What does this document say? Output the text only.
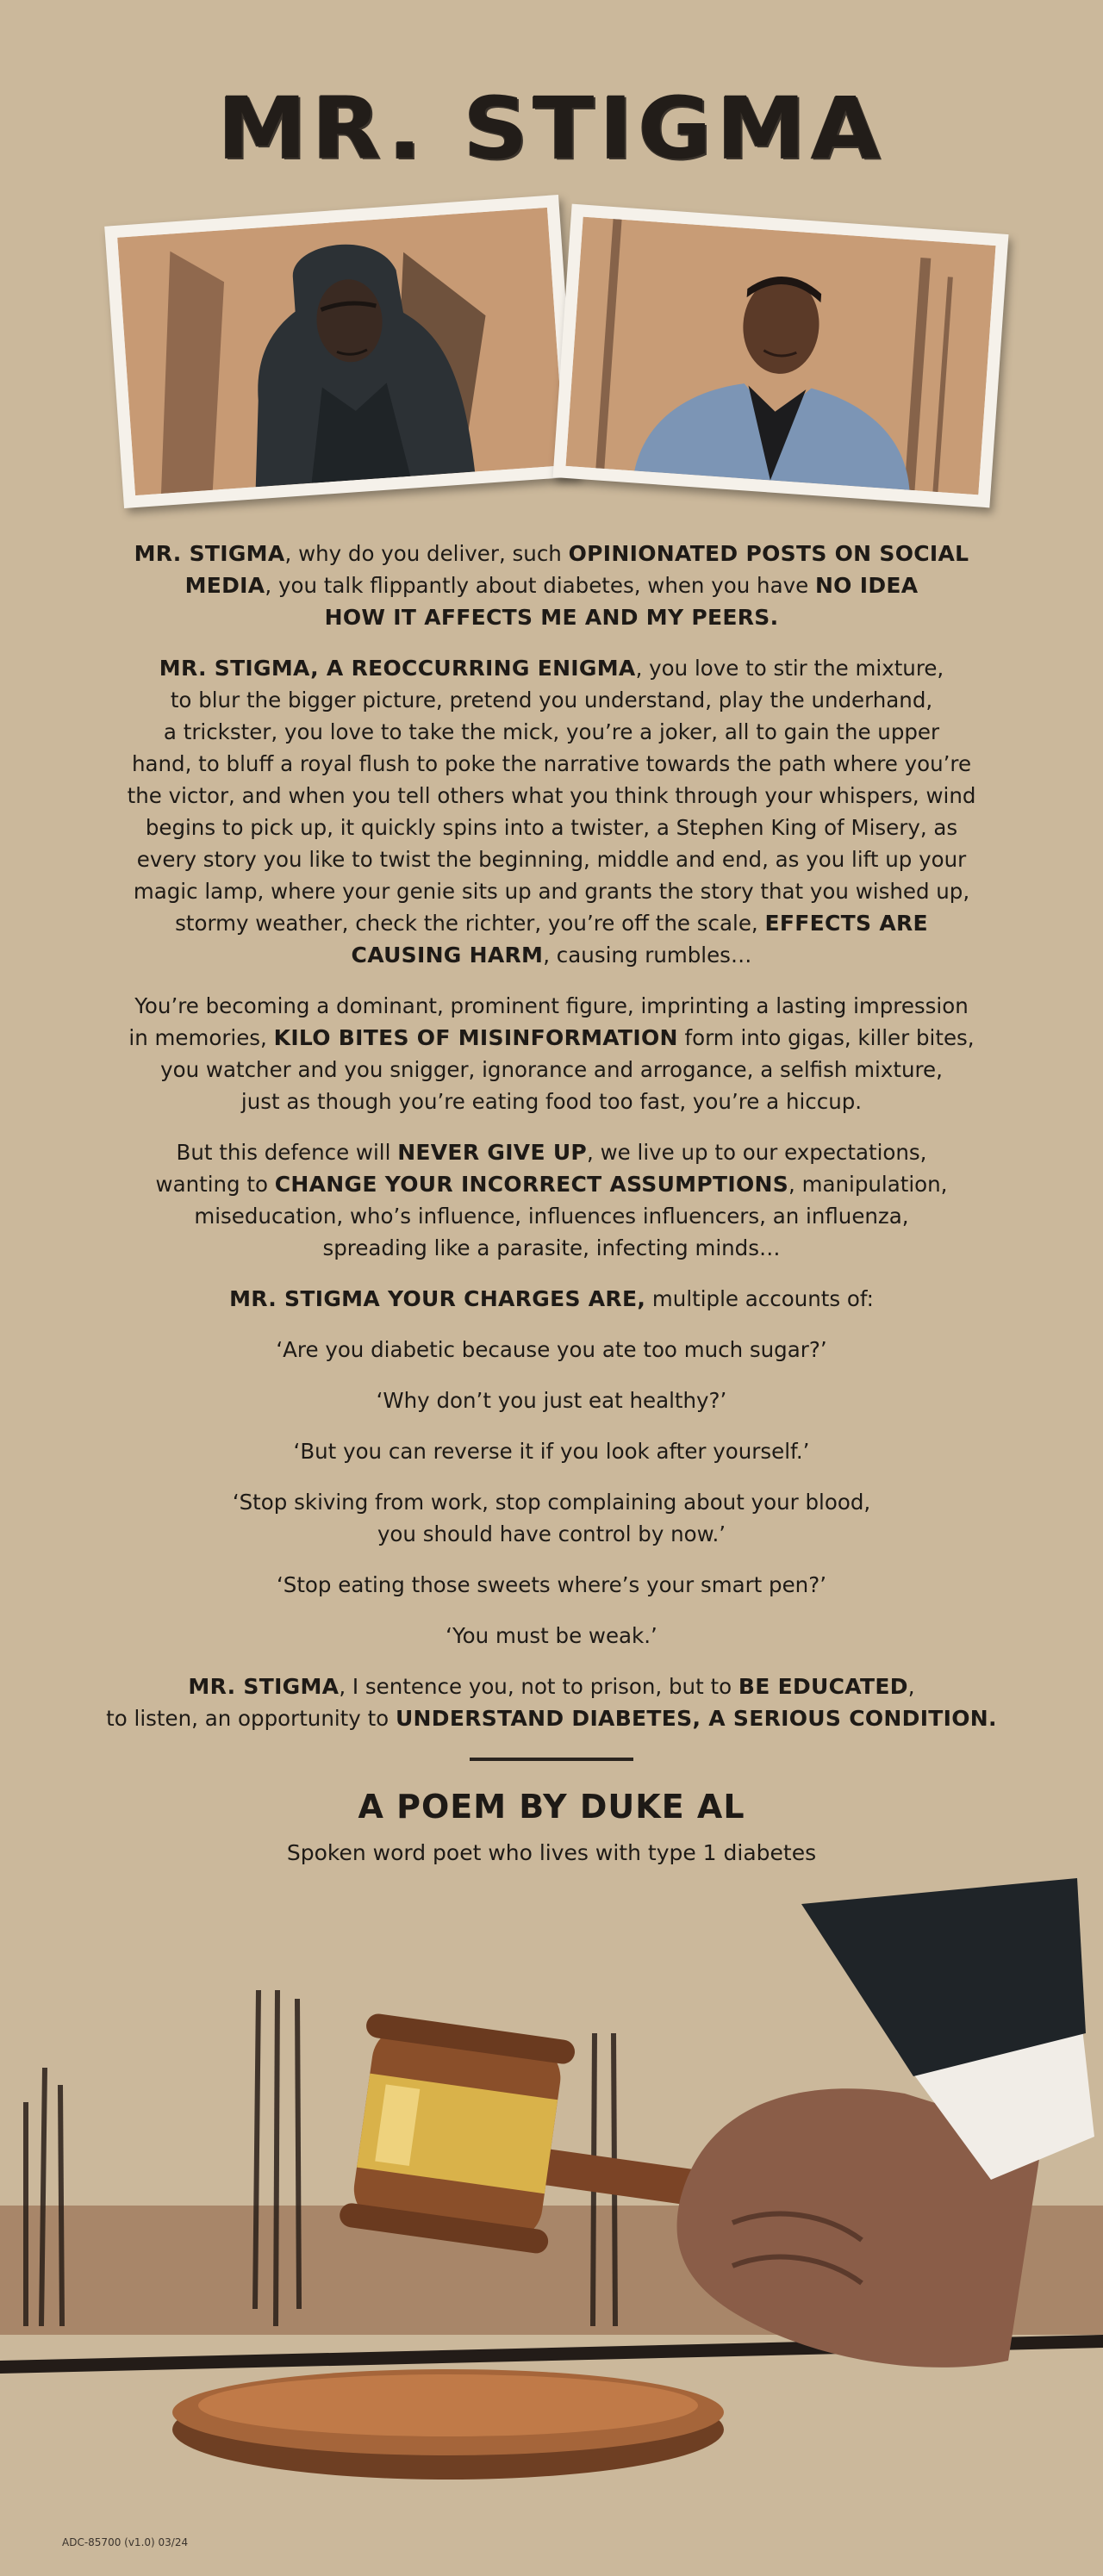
MR. STIGMA

MR. STIGMA, why do you deliver, such OPINIONATED POSTS ON SOCIAL
MEDIA, you talk flippantly about diabetes, when you have NO IDEA
HOW IT AFFECTS ME AND MY PEERS.

MR. STIGMA, A REOCCURRING ENIGMA, you love to stir the mixture,
to blur the bigger picture, pretend you understand, play the underhand,
a trickster, you love to take the mick, you’re a joker, all to gain the upper
hand, to bluff a royal flush to poke the narrative towards the path where you’re
the victor, and when you tell others what you think through your whispers, wind
begins to pick up, it quickly spins into a twister, a Stephen King of Misery, as
every story you like to twist the beginning, middle and end, as you lift up your
magic lamp, where your genie sits up and grants the story that you wished up,
stormy weather, check the richter, you’re off the scale, EFFECTS ARE
CAUSING HARM, causing rumbles…

You’re becoming a dominant, prominent figure, imprinting a lasting impression
in memories, KILO BITES OF MISINFORMATION form into gigas, killer bites,
you watcher and you snigger, ignorance and arrogance, a selfish mixture,
just as though you’re eating food too fast, you’re a hiccup.

But this defence will NEVER GIVE UP, we live up to our expectations,
wanting to CHANGE YOUR INCORRECT ASSUMPTIONS, manipulation,
miseducation, who’s influence, influences influencers, an influenza,
spreading like a parasite, infecting minds…

MR. STIGMA YOUR CHARGES ARE, multiple accounts of:

‘Are you diabetic because you ate too much sugar?’

‘Why don’t you just eat healthy?’

‘But you can reverse it if you look after yourself.’

‘Stop skiving from work, stop complaining about your blood,
you should have control by now.’

‘Stop eating those sweets where’s your smart pen?’

‘You must be weak.’

MR. STIGMA, I sentence you, not to prison, but to BE EDUCATED,
to listen, an opportunity to UNDERSTAND DIABETES, A SERIOUS CONDITION.

A POEM BY DUKE AL
Spoken word poet who lives with type 1 diabetes
ADC-85700 (v1.0) 03/24
